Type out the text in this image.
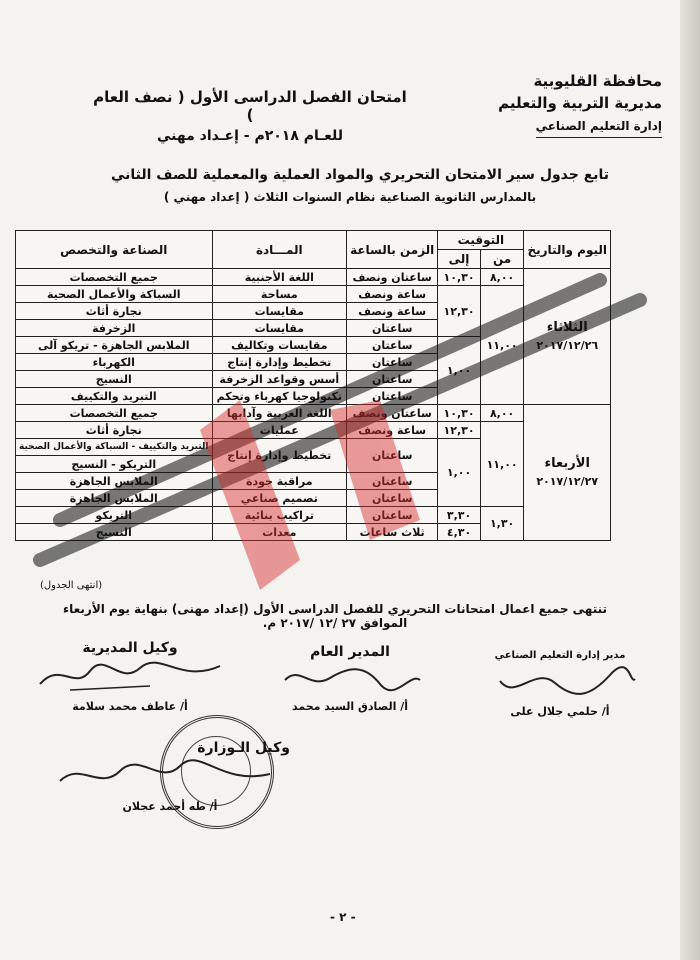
محافظة القليوبية
مديرية التربية والتعليم
إدارة التعليم الصناعي
امتحان الفصل الدراسى الأول ( نصف العام )
للعـام ٢٠١٨م - إعـداد مهني
تابع جدول سير الامتحان التحريري والمواد العملية والمعملية للصف الثاني
بالمدارس الثانوية الصناعية نظام السنوات الثلاث ( إعداد مهني )
اليوم والتاريخ	التوقيت		الزمن بالساعة	المـــادة	الصناعة والتخصص
	من	إلى			

الثلاثاء
٢٠١٧/١٢/٢٦	٨,٠٠	١٠,٣٠	ساعتان ونصف	اللغة الأجنبية	جميع التخصصات
	١١,٠٠	١٢,٣٠	ساعة ونصف	مساحة	السباكة والأعمال الصحية
			ساعة ونصف	مقايسات	نجارة أثاث
			ساعتان	مقايسات	الزخرفة
		١,٠٠	ساعتان	مقايسات وتكاليف	الملابس الجاهزة - تريكو آلى
			ساعتان	تخطيط وإدارة إنتاج	الكهرباء
			ساعتان	أسس وقواعد الزخرفة	النسيج
			ساعتان	تكنولوجيا كهرباء وتحكم	التبريد والتكييف

الأربعاء
٢٠١٧/١٢/٢٧	٨,٠٠	١٠,٣٠	ساعتان ونصف	اللغة العربية وآدابها	جميع التخصصات
	١١,٠٠	١٢,٣٠	ساعة ونصف	عمليات	نجارة أثاث
		١,٠٠	ساعتان	تخطيط وإدارة إنتاج	التبريد والتكييف - السباكة والأعمال الصحية
					التريكو - النسيج
			ساعتان	مراقبة جودة	الملابس الجاهزة
			ساعتان	تصميم صناعي	الملابس الجاهزة
	١,٣٠	٣,٣٠	ساعتان	تراكيب بنائية	التريكو
		٤,٣٠	ثلاث ساعات	معدات	النسيج
(انتهى الجدول)
تنتهى جميع اعمال امتحانات التحريري للفصل الدراسى الأول (إعداد مهنى) بنهاية يوم الأربعاء الموافق ٢٧ /١٢ /٢٠١٧ م.
وكيل المديرية
أ/ عاطف محمد سلامة
المدير العام
أ/ الصادق السيد محمد
مدير إدارة التعليم الصناعي
أ/ حلمي جلال على
وكيل الـوزارة
أ/ طه أحمد عجلان
- ٢ -
